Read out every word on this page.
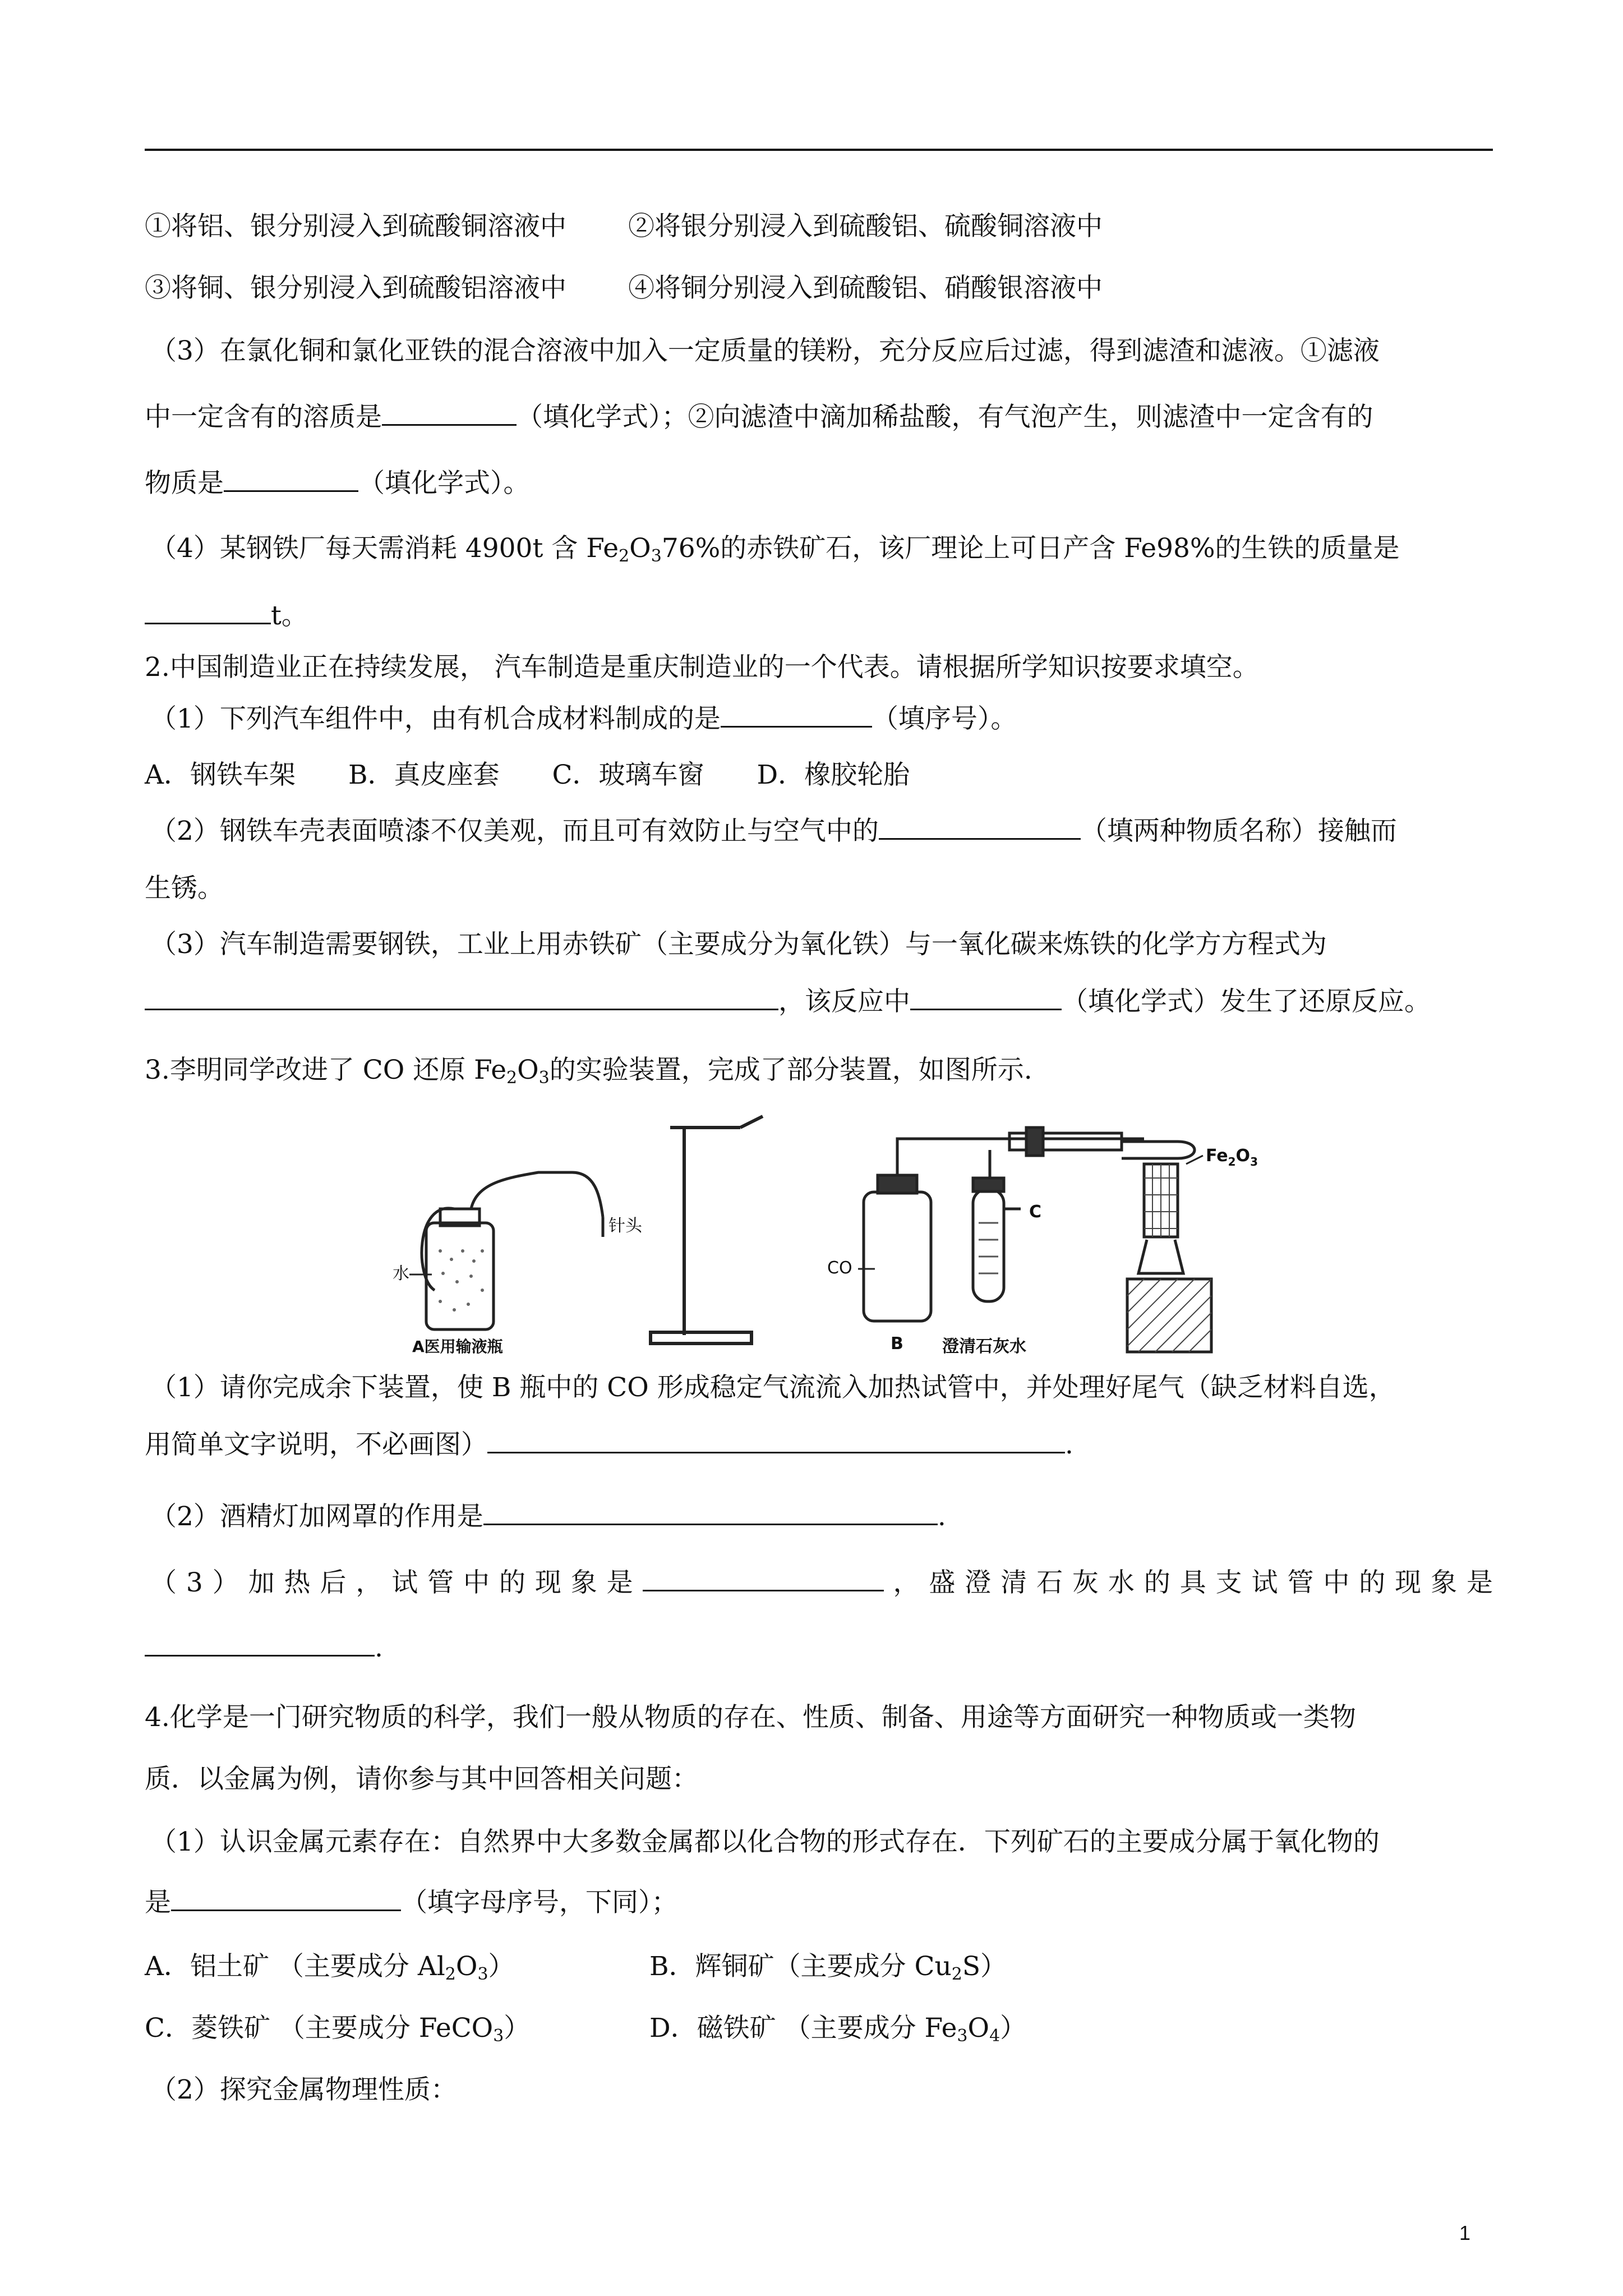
①将铝、银分别浸入到硫酸铜溶液中 ②将银分别浸入到硫酸铝、硫酸铜溶液中
③将铜、银分别浸入到硫酸铝溶液中 ④将铜分别浸入到硫酸铝、硝酸银溶液中
（3）在氯化铜和氯化亚铁的混合溶液中加入一定质量的镁粉，充分反应后过滤，得到滤渣和滤液。①滤液
中一定含有的溶质是	（填化学式）；②向滤渣中滴加稀盐酸，有气泡产生，则滤渣中一定含有的
物质是	（填化学式）。
（4）某钢铁厂每天需消耗 4900t 含 $Fe_2O_376\%$的赤铁矿石，该厂理论上可日产含 Fe98%的生铁的质量是
t。
2.中国制造业正在持续发展， 汽车制造是重庆制造业的一个代表。请根据所学知识按要求填空。
（1）下列汽车组件中，由有机合成材料制成的是	（填序号）。
A．钢铁车架　　B．真皮座套　　C．玻璃车窗　　D．橡胶轮胎
（2）钢铁车壳表面喷漆不仅美观，而且可有效防止与空气中的	（填两种物质名称）接触而
生锈。
（3）汽车制造需要钢铁，工业上用赤铁矿（主要成分为氧化铁）与一氧化碳来炼铁的化学方方程式为
，该反应中	（填化学式）发生了还原反应。
3.李明同学改进了 CO 还原 $Fe_2O_3$的实验装置，完成了部分装置，如图所示.
针头
水
A医用输液瓶
CO
B
C
澄清石灰水
$Fe_2O_3$
（1）请你完成余下装置，使 B 瓶中的 CO 形成稳定气流流入加热试管中，并处理好尾气（缺乏材料自选，
用简单文字说明，不必画图）	.
（2）酒精灯加网罩的作用是	.
（3）加热后，试管中的现象是	，盛澄清石灰水的具支试管中的现象是
.
4.化学是一门研究物质的科学，我们一般从物质的存在、性质、制备、用途等方面研究一种物质或一类物
质．以金属为例，请你参与其中回答相关问题：
（1）认识金属元素存在：自然界中大多数金属都以化合物的形式存在．下列矿石的主要成分属于氧化物的
是	（填字母序号，下同）；
A．铝土矿 （主要成分 $Al_2O_3$）	B．辉铜矿（主要成分 $Cu_2S$）
C．菱铁矿 （主要成分 FeCO$_3$）	D．磁铁矿 （主要成分 $Fe_3O_4$）
（2）探究金属物理性质：
1
